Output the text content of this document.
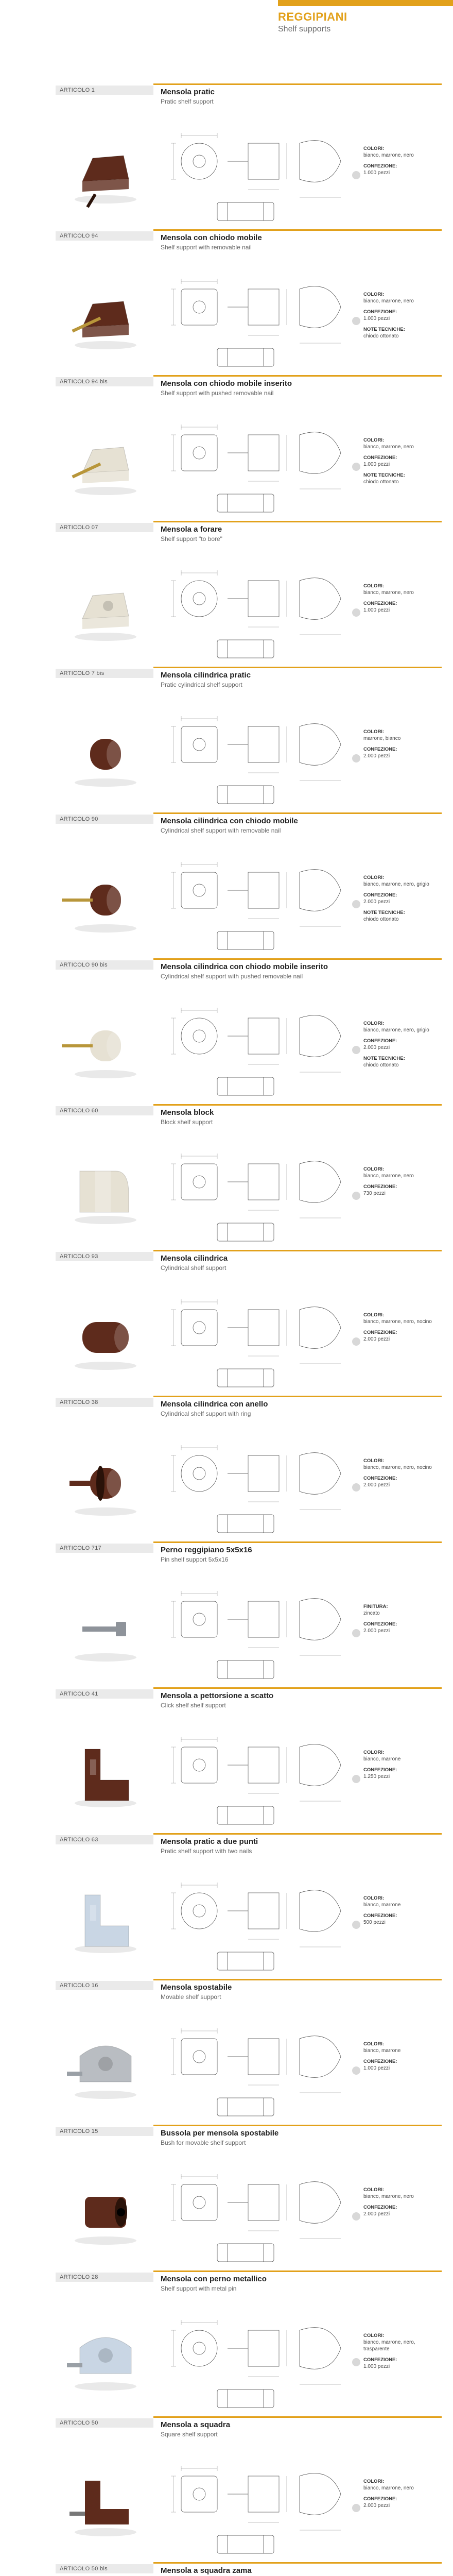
REGGIPIANI
Shelf supports
ARTICOLO 1	Mensola pratic
Pratic shelf support
COLORI:
bianco, marrone, nero
CONFEZIONE:
1.000 pezzi
ARTICOLO 94	Mensola con chiodo mobile
Shelf support with removable nail
COLORI:
bianco, marrone, nero
CONFEZIONE:
1.000 pezzi
NOTE TECNICHE:
chiodo ottonato
ARTICOLO 94 bis	Mensola con chiodo mobile inserito
Shelf support with pushed removable nail
COLORI:
bianco, marrone, nero
CONFEZIONE:
1.000 pezzi
NOTE TECNICHE:
chiodo ottonato
ARTICOLO 07	Mensola a forare
Shelf support "to bore"
COLORI:
bianco, marrone, nero
CONFEZIONE:
1.000 pezzi
ARTICOLO 7 bis	Mensola cilindrica pratic
Pratic cylindrical shelf support
COLORI:
marrone, bianco
CONFEZIONE:
2.000 pezzi
ARTICOLO 90	Mensola cilindrica con chiodo mobile
Cylindrical shelf support with removable nail
COLORI:
bianco, marrone, nero, grigio
CONFEZIONE:
2.000 pezzi
NOTE TECNICHE:
chiodo ottonato
ARTICOLO 90 bis	Mensola cilindrica con chiodo mobile inserito
Cylindrical shelf support with pushed removable nail
COLORI:
bianco, marrone, nero, grigio
CONFEZIONE:
2.000 pezzi
NOTE TECNICHE:
chiodo ottonato
ARTICOLO 60	Mensola block
Block shelf support
COLORI:
bianco, marrone, nero
CONFEZIONE:
730 pezzi
ARTICOLO 93	Mensola cilindrica
Cylindrical shelf support
COLORI:
bianco, marrone, nero, nocino
CONFEZIONE:
2.000 pezzi
ARTICOLO 38	Mensola cilindrica con anello
Cylindrical shelf support with ring
COLORI:
bianco, marrone, nero, nocino
CONFEZIONE:
2.000 pezzi
ARTICOLO 717	Perno reggipiano 5x5x16
Pin shelf support 5x5x16
FINITURA:
zincato
CONFEZIONE:
2.000 pezzi
ARTICOLO 41	Mensola a pettorsione a scatto
Click shelf shelf support
COLORI:
bianco, marrone
CONFEZIONE:
1.250 pezzi
ARTICOLO 63	Mensola pratic a due punti
Pratic shelf support with two nails
COLORI:
bianco, marrone
CONFEZIONE:
500 pezzi
ARTICOLO 16	Mensola spostabile
Movable shelf support
COLORI:
bianco, marrone
CONFEZIONE:
1.000 pezzi
ARTICOLO 15	Bussola per mensola spostabile
Bush for movable shelf support
COLORI:
bianco, marrone, nero
CONFEZIONE:
2.000 pezzi
ARTICOLO 28	Mensola con perno metallico
Shelf support with metal pin
COLORI:
bianco, marrone, nero, trasparente
CONFEZIONE:
1.000 pezzi
ARTICOLO 50	Mensola a squadra
Square shelf support
COLORI:
bianco, marrone, nero
CONFEZIONE:
2.000 pezzi
ARTICOLO 50 bis	Mensola a squadra zama
